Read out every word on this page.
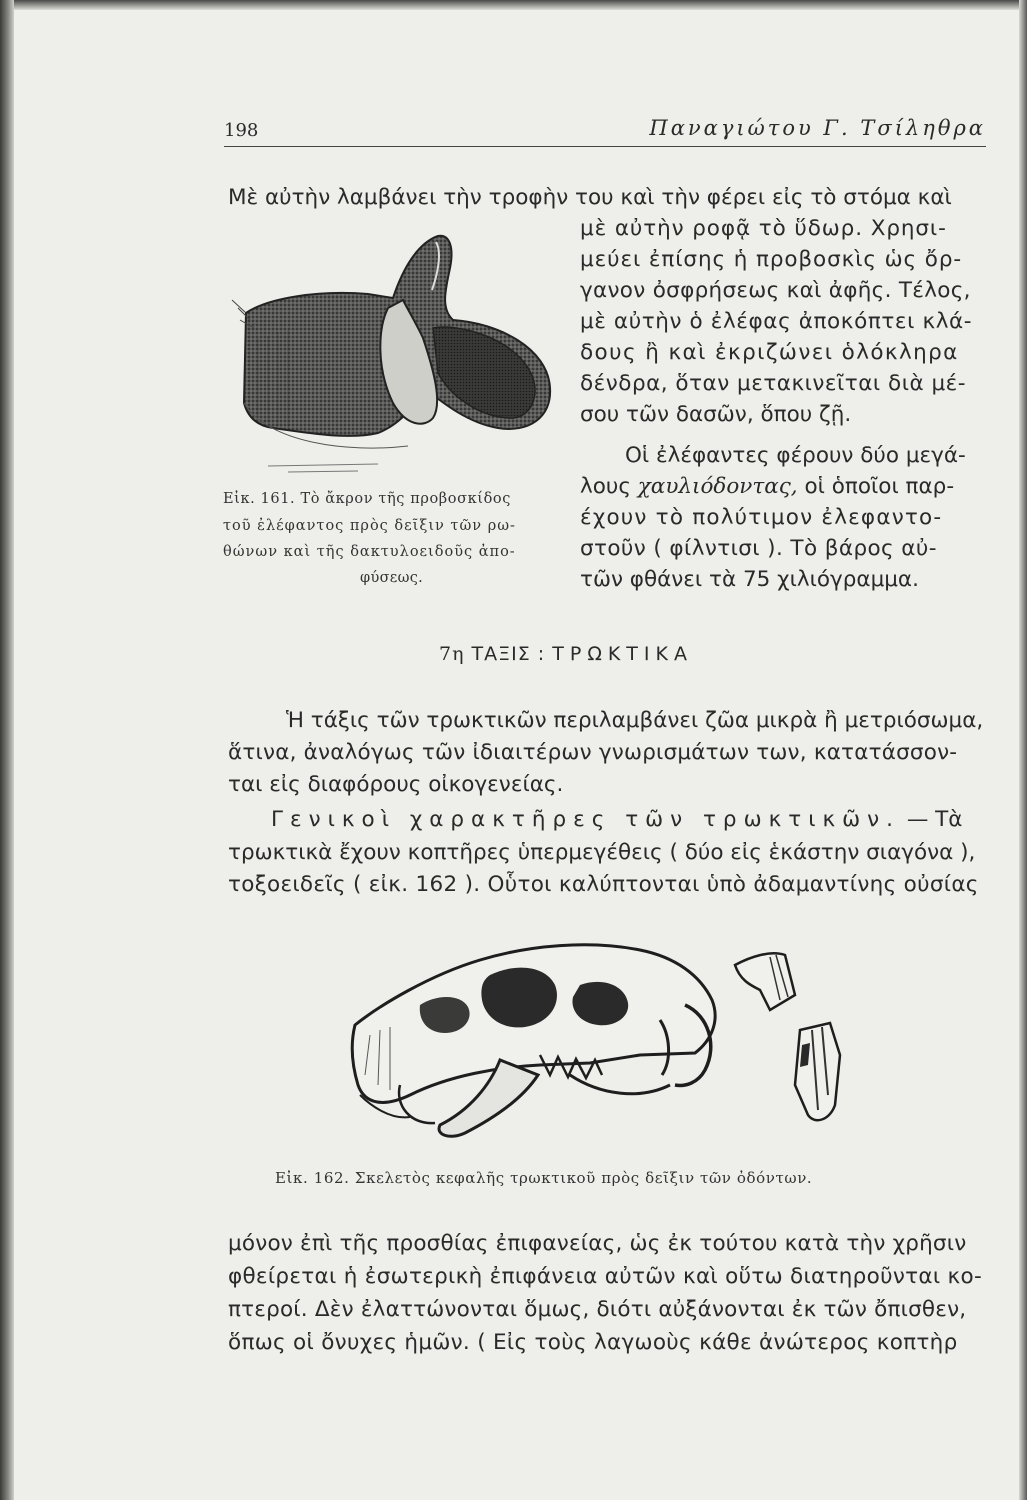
198	Παναγιώτου Γ. Τσίληθρα
Μὲ αὐτὴν λαμβάνει τὴν τροφὴν του καὶ τὴν φέρει εἰς τὸ στόμα καὶ
μὲ αὐτὴν ροφᾷ τὸ ὕδωρ. Χρησι-
μεύει ἐπίσης ἡ προβοσκὶς ὡς ὄρ-
γανον ὀσφρήσεως καὶ ἀφῆς. Τέλος,
μὲ αὐτὴν ὁ ἐλέφας ἀποκόπτει κλά-
δους ἢ καὶ ἐκριζώνει ὁλόκληρα
δένδρα, ὅταν μετακινεῖται διὰ μέ-
σου τῶν δασῶν, ὅπου ζῇ.
Οἱ ἐλέφαντες φέρουν δύο μεγά-
λους χαυλιόδοντας, οἱ ὁποῖοι παρ-
έχουν τὸ πολύτιμον ἐλεφαντο-
στοῦν ( φίλντισι ). Τὸ βάρος αὐ-
τῶν φθάνει τὰ 75 χιλιόγραμμα.
Εἰκ. 161. Τὸ ἄκρον τῆς προβοσκίδος
τοῦ ἐλέφαντος πρὸς δεῖξιν τῶν ρω-
θώνων καὶ τῆς δακτυλοειδοῦς ἀπο-
φύσεως.
7η ΤΑΞΙΣ : ΤΡΩΚΤΙΚΑ
Ἡ τάξις τῶν τρωκτικῶν περιλαμβάνει ζῶα μικρὰ ἢ μετριόσωμα,
ἅτινα, ἀναλόγως τῶν ἰδιαιτέρων γνωρισμάτων των, κατατάσσον-
ται εἰς διαφόρους οἰκογενείας.
Γενικοὶ χαρακτῆρες τῶν τρωκτικῶν. — Τὰ
τρωκτικὰ ἔχουν κοπτῆρες ὑπερμεγέθεις ( δύο εἰς ἑκάστην σιαγόνα ),
τοξοειδεῖς ( εἰκ. 162 ). Οὗτοι καλύπτονται ὑπὸ ἀδαμαντίνης οὐσίας
Εἰκ. 162. Σκελετὸς κεφαλῆς τρωκτικοῦ πρὸς δεῖξιν τῶν ὀδόντων.
μόνον ἐπὶ τῆς προσθίας ἐπιφανείας, ὡς ἐκ τούτου κατὰ τὴν χρῆσιν
φθείρεται ἡ ἐσωτερικὴ ἐπιφάνεια αὐτῶν καὶ οὕτω διατηροῦνται κο-
πτεροί. Δὲν ἐλαττώνονται ὅμως, διότι αὐξάνονται ἐκ τῶν ὄπισθεν,
ὅπως οἱ ὄνυχες ἡμῶν. ( Εἰς τοὺς λαγωοὺς κάθε ἀνώτερος κοπτὴρ
